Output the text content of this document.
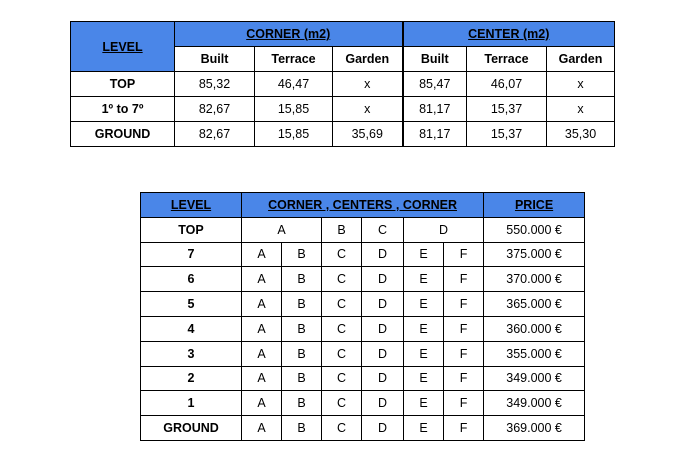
LEVEL	CORNER (m2)			CENTER (m2)		
	Built	Terrace	Garden	Built	Terrace	Garden
TOP	85,32	46,47	x	85,47	46,07	x
1º to 7º	82,67	15,85	x	81,17	15,37	x
GROUND	82,67	15,85	35,69	81,17	15,37	35,30
LEVEL	CORNER , CENTERS , CORNER						PRICE
TOP	A		B	C	D		550.000 €
7	A	B	C	D	E	F	375.000 €
6	A	B	C	D	E	F	370.000 €
5	A	B	C	D	E	F	365.000 €
4	A	B	C	D	E	F	360.000 €
3	A	B	C	D	E	F	355.000 €
2	A	B	C	D	E	F	349.000 €
1	A	B	C	D	E	F	349.000 €
GROUND	A	B	C	D	E	F	369.000 €
